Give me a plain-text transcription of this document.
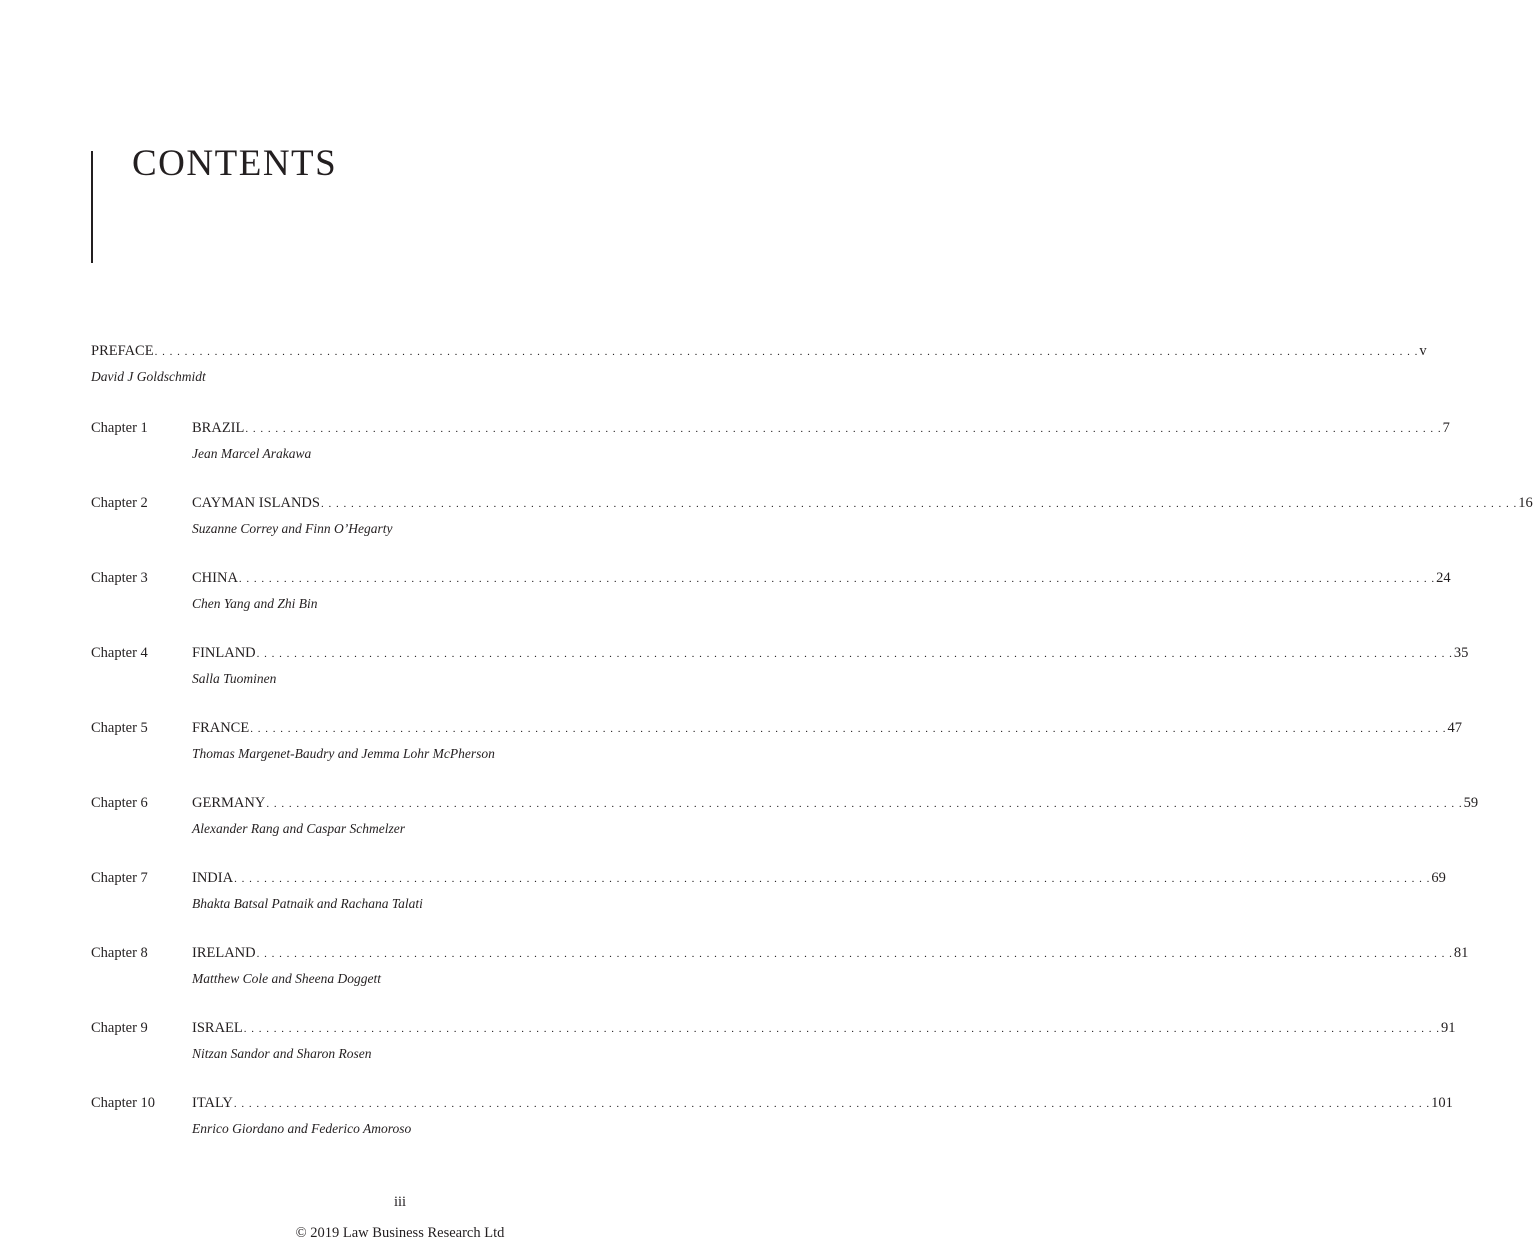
CONTENTS
PREFACE . . . . . . . . . . . . . . . . . . . . . . . . . . . . . . . . . . . . . . . . . . . . . . . . . . . . . . . . . . . . . . . . . . . . . . . . . . . . . . . . . . . . . . . . . . . . . . . . . . . . . . . . . . . . . . . . . . . . . . . . . . . . . . . . . . . . . . . . . . . . . . . . . . . . . . . . . . . . . . . . . . . . . . . . . v
David J Goldschmidt
Chapter 1	BRAZIL . . . . . . . . . . . . . . . . . . . . . . . . . . . . . . . . . . . . . . . . . . . . . . . . . . . . . . . . . . . . . . . . . . . . . . . . . . . . . . . . . . . . . . . . . . . . . . . . . . . . . . . . . . . . . . . . . . . . . . . . . . . . . . . . . . . . . . . . . . . . . . . . . . . . . . . . . . . . . . . . 7
Jean Marcel Arakawa
Chapter 2	CAYMAN ISLANDS . . . . . . . . . . . . . . . . . . . . . . . . . . . . . . . . . . . . . . . . . . . . . . . . . . . . . . . . . . . . . . . . . . . . . . . . . . . . . . . . . . . . . . . . . . . . . . . . . . . . . . . . . . . . . . . . . . . . . . . . . . . . . . . . . . . . . . . . . . . . . . . . . . . . . . . . . . . . . . . . 16
Suzanne Correy and Finn O’Hegarty
Chapter 3	CHINA . . . . . . . . . . . . . . . . . . . . . . . . . . . . . . . . . . . . . . . . . . . . . . . . . . . . . . . . . . . . . . . . . . . . . . . . . . . . . . . . . . . . . . . . . . . . . . . . . . . . . . . . . . . . . . . . . . . . . . . . . . . . . . . . . . . . . . . . . . . . . . . . . . . . . . . . . . . . . . . . 24
Chen Yang and Zhi Bin
Chapter 4	FINLAND . . . . . . . . . . . . . . . . . . . . . . . . . . . . . . . . . . . . . . . . . . . . . . . . . . . . . . . . . . . . . . . . . . . . . . . . . . . . . . . . . . . . . . . . . . . . . . . . . . . . . . . . . . . . . . . . . . . . . . . . . . . . . . . . . . . . . . . . . . . . . . . . . . . . . . . . . . . . . . . . 35
Salla Tuominen
Chapter 5	FRANCE . . . . . . . . . . . . . . . . . . . . . . . . . . . . . . . . . . . . . . . . . . . . . . . . . . . . . . . . . . . . . . . . . . . . . . . . . . . . . . . . . . . . . . . . . . . . . . . . . . . . . . . . . . . . . . . . . . . . . . . . . . . . . . . . . . . . . . . . . . . . . . . . . . . . . . . . . . . . . . . . 47
Thomas Margenet-Baudry and Jemma Lohr McPherson
Chapter 6	GERMANY . . . . . . . . . . . . . . . . . . . . . . . . . . . . . . . . . . . . . . . . . . . . . . . . . . . . . . . . . . . . . . . . . . . . . . . . . . . . . . . . . . . . . . . . . . . . . . . . . . . . . . . . . . . . . . . . . . . . . . . . . . . . . . . . . . . . . . . . . . . . . . . . . . . . . . . . . . . . . . . . 59
Alexander Rang and Caspar Schmelzer
Chapter 7	INDIA . . . . . . . . . . . . . . . . . . . . . . . . . . . . . . . . . . . . . . . . . . . . . . . . . . . . . . . . . . . . . . . . . . . . . . . . . . . . . . . . . . . . . . . . . . . . . . . . . . . . . . . . . . . . . . . . . . . . . . . . . . . . . . . . . . . . . . . . . . . . . . . . . . . . . . . . . . . . . . . . 69
Bhakta Batsal Patnaik and Rachana Talati
Chapter 8	IRELAND . . . . . . . . . . . . . . . . . . . . . . . . . . . . . . . . . . . . . . . . . . . . . . . . . . . . . . . . . . . . . . . . . . . . . . . . . . . . . . . . . . . . . . . . . . . . . . . . . . . . . . . . . . . . . . . . . . . . . . . . . . . . . . . . . . . . . . . . . . . . . . . . . . . . . . . . . . . . . . . . 81
Matthew Cole and Sheena Doggett
Chapter 9	ISRAEL . . . . . . . . . . . . . . . . . . . . . . . . . . . . . . . . . . . . . . . . . . . . . . . . . . . . . . . . . . . . . . . . . . . . . . . . . . . . . . . . . . . . . . . . . . . . . . . . . . . . . . . . . . . . . . . . . . . . . . . . . . . . . . . . . . . . . . . . . . . . . . . . . . . . . . . . . . . . . . . . 91
Nitzan Sandor and Sharon Rosen
Chapter 10	ITALY . . . . . . . . . . . . . . . . . . . . . . . . . . . . . . . . . . . . . . . . . . . . . . . . . . . . . . . . . . . . . . . . . . . . . . . . . . . . . . . . . . . . . . . . . . . . . . . . . . . . . . . . . . . . . . . . . . . . . . . . . . . . . . . . . . . . . . . . . . . . . . . . . . . . . . . . . . . . . . . . 101
Enrico Giordano and Federico Amoroso
iii
© 2019 Law Business Research Ltd
